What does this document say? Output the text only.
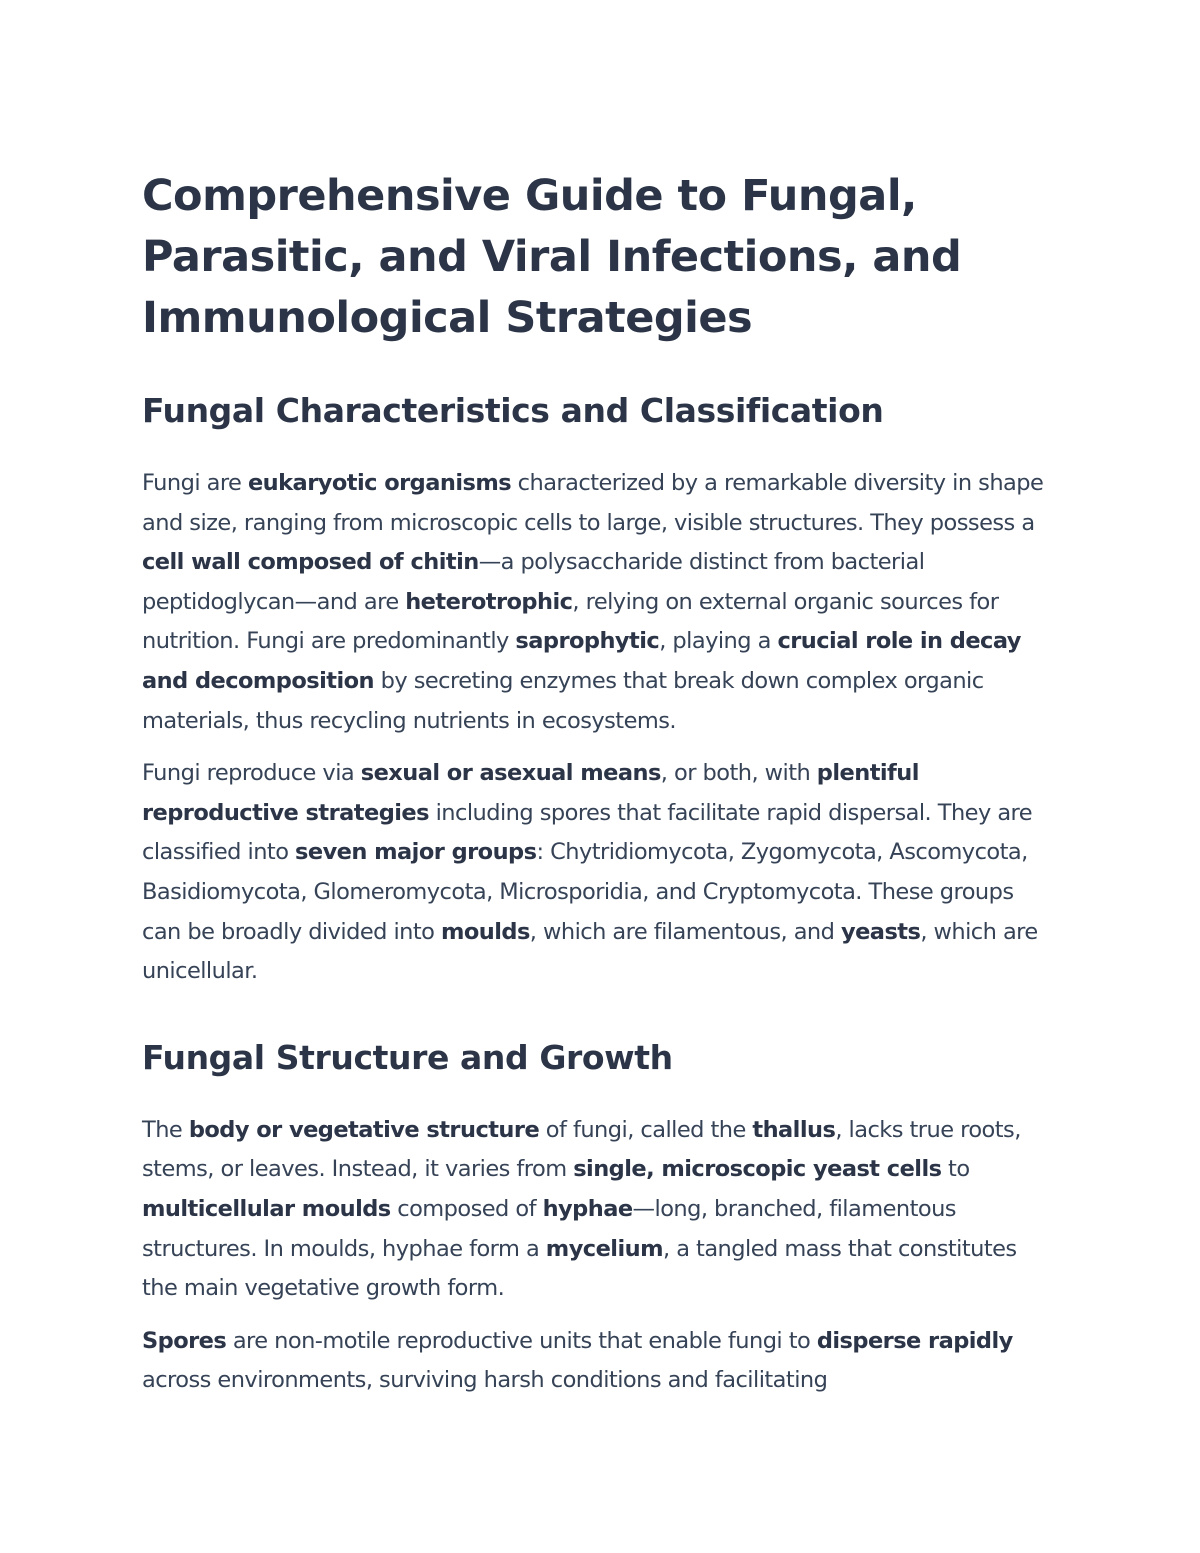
Comprehensive Guide to Fungal, Parasitic, and Viral Infections, and Immunological Strategies
Fungal Characteristics and Classification

Fungi are eukaryotic organisms characterized by a remarkable diversity in shape and size, ranging from microscopic cells to large, visible structures. They possess a cell wall composed of chitin—a polysaccharide distinct from bacterial peptidoglycan—and are heterotrophic, relying on external organic sources for nutrition. Fungi are predominantly saprophytic, playing a crucial role in decay and decomposition by secreting enzymes that break down complex organic materials, thus recycling nutrients in ecosystems.

Fungi reproduce via sexual or asexual means, or both, with plentiful reproductive strategies including spores that facilitate rapid dispersal. They are classified into seven major groups: Chytridiomycota, Zygomycota, Ascomycota, Basidiomycota, Glomeromycota, Microsporidia, and Cryptomycota. These groups can be broadly divided into moulds, which are filamentous, and yeasts, which are unicellular.

Fungal Structure and Growth

The body or vegetative structure of fungi, called the thallus, lacks true roots, stems, or leaves. Instead, it varies from single, microscopic yeast cells to multicellular moulds composed of hyphae—long, branched, filamentous structures. In moulds, hyphae form a mycelium, a tangled mass that constitutes the main vegetative growth form.

Spores are non-motile reproductive units that enable fungi to disperse rapidly across environments, surviving harsh conditions and facilitating
